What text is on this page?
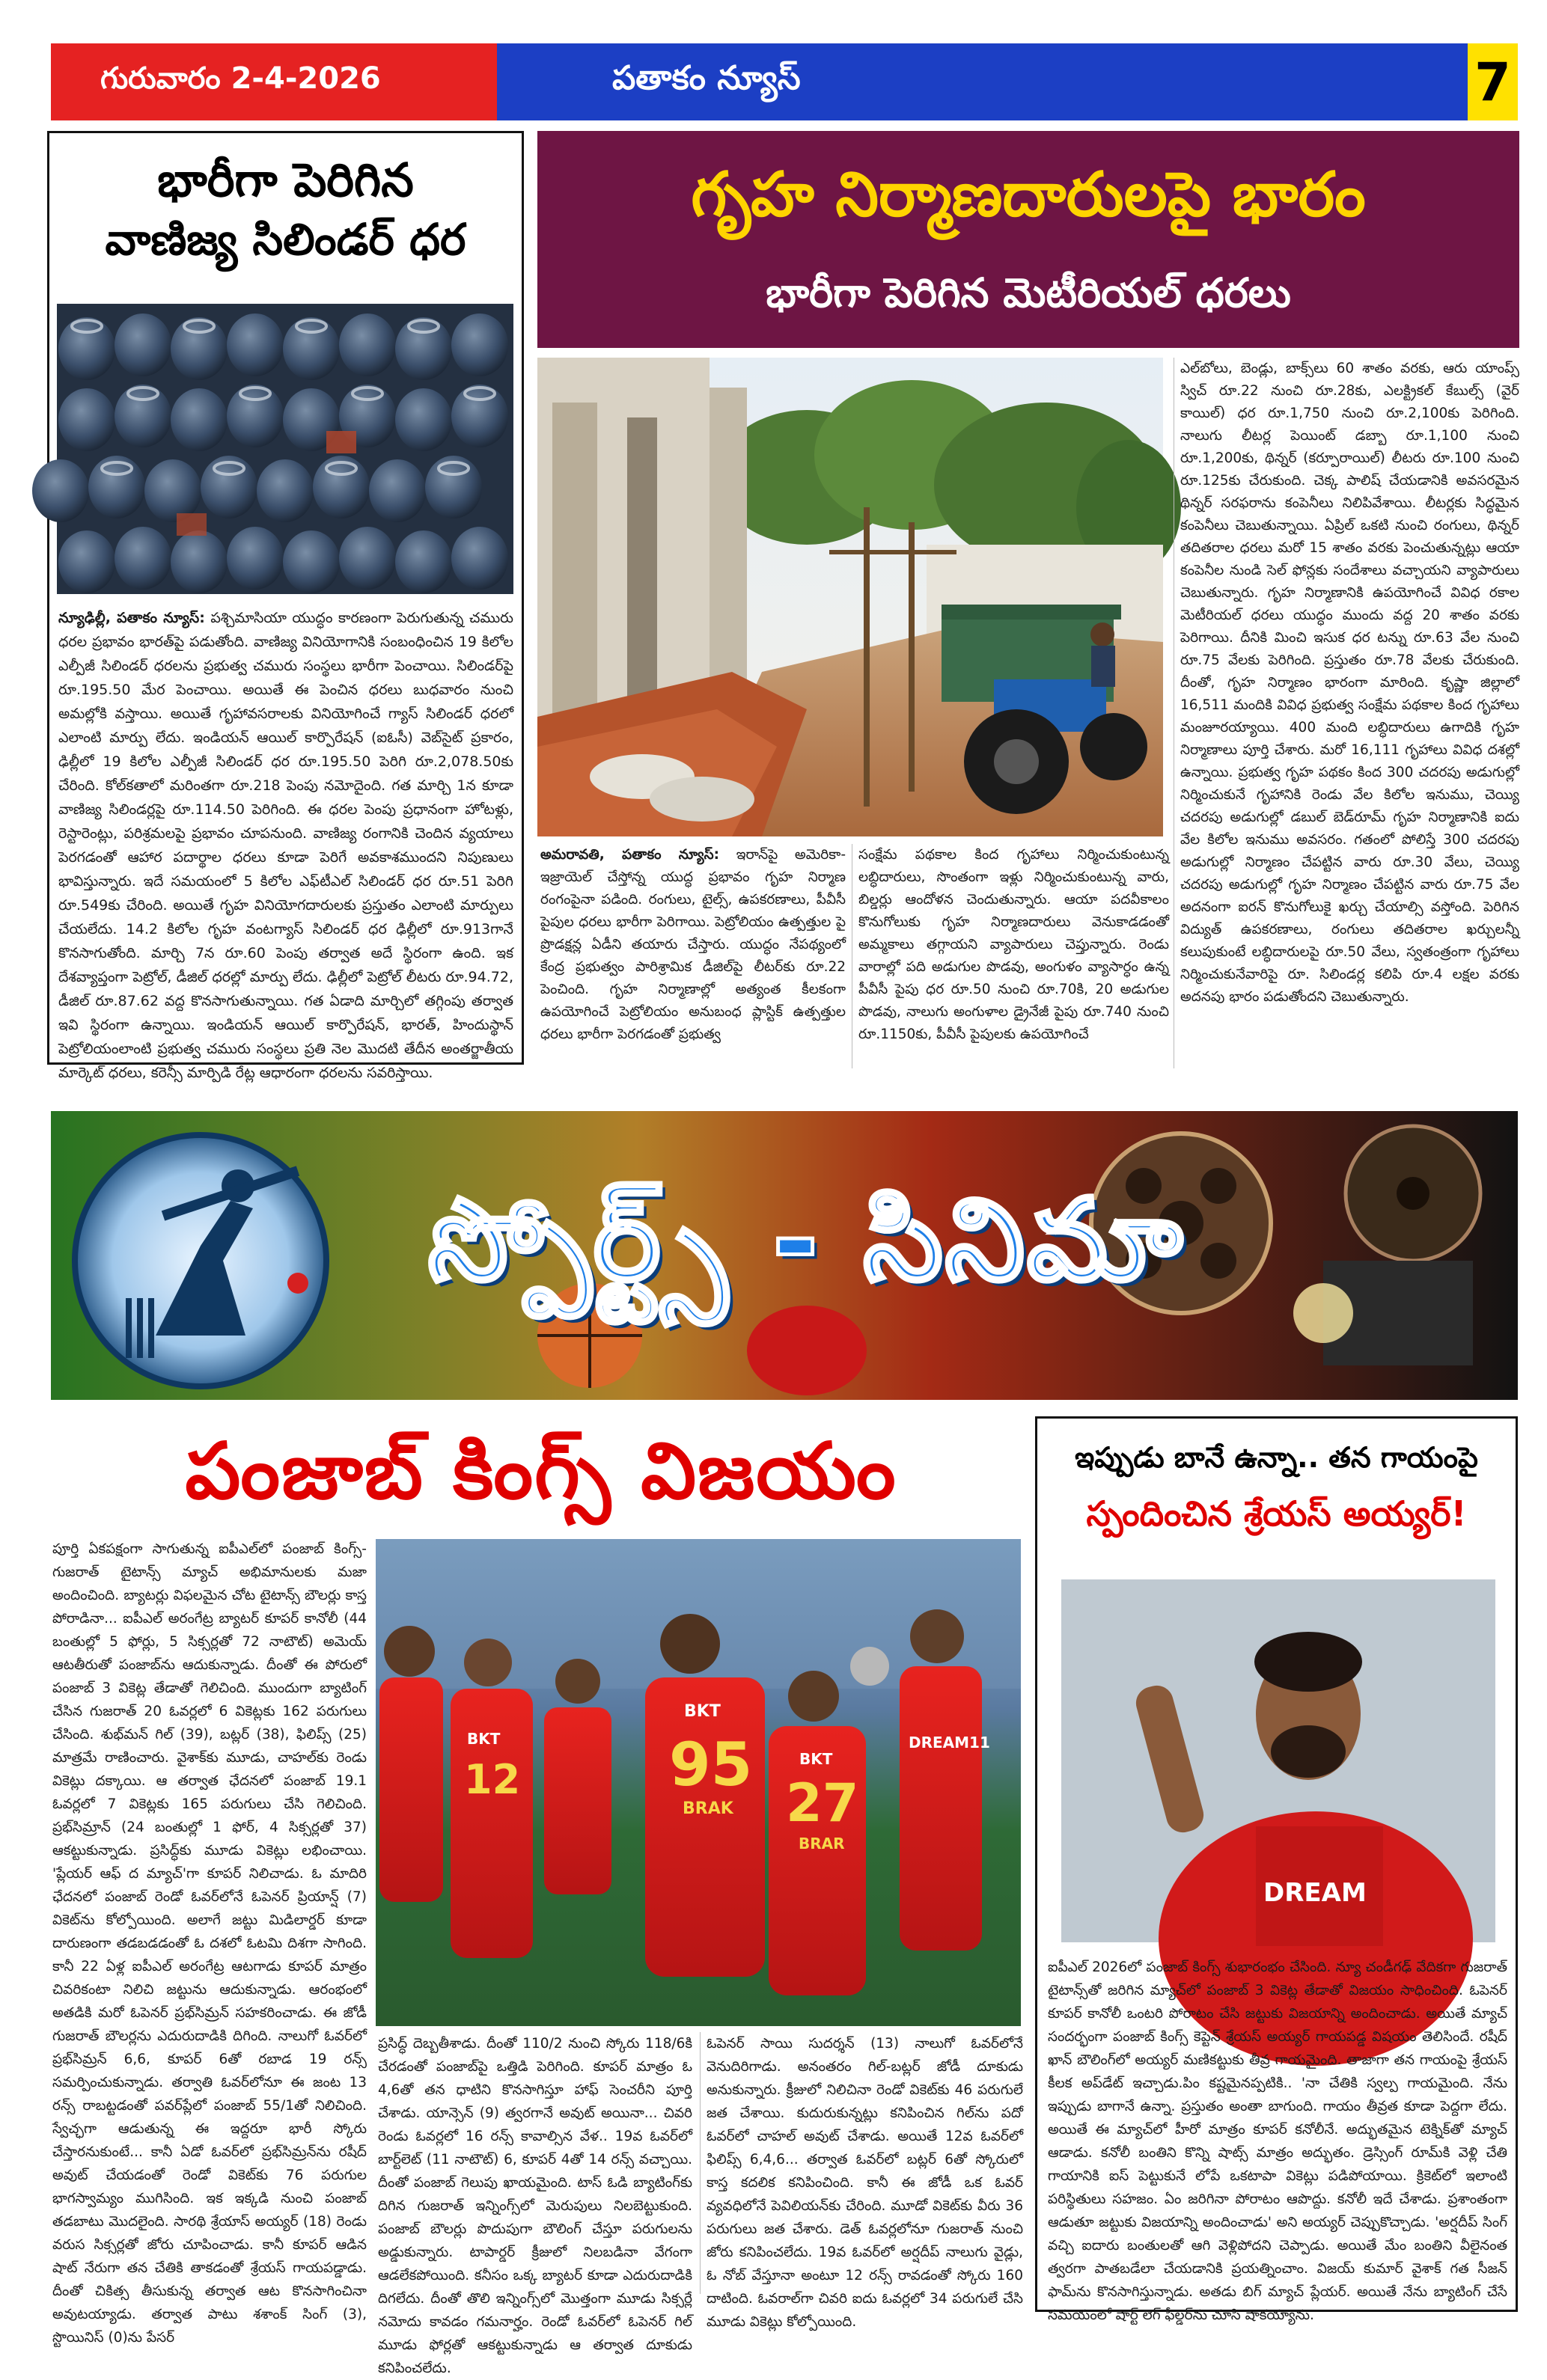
గురువారం 2-4-2026	పతాకం న్యూస్	7
భారీగా పెరిగిన
వాణిజ్య సిలిండర్ ధర
న్యూఢిల్లీ, పతాకం న్యూస్: పశ్చిమాసియా యుద్ధం కారణంగా పెరుగుతున్న చమురు ధరల ప్రభావం భారత్‌పై పడుతోంది. వాణిజ్య వినియోగానికి సంబంధించిన 19 కిలోల ఎల్పీజీ సిలిండర్ ధరలను ప్రభుత్వ చమురు సంస్థలు భారీగా పెంచాయి. సిలిండర్‌పై రూ.195.50 మేర పెంచాయి. అయితే ఈ పెంచిన ధరలు బుధవారం నుంచి అమల్లోకి వస్తాయి. అయితే గృహావసరాలకు వినియోగించే గ్యాస్ సిలిండర్ ధరలో ఎలాంటి మార్పు లేదు. ఇండియన్ ఆయిల్ కార్పొరేషన్ (ఐఓసీ) వెబ్‌సైట్ ప్రకారం, ఢిల్లీలో 19 కిలోల ఎల్పీజీ సిలిండర్ ధర రూ.195.50 పెరిగి రూ.2,078.50కు చేరింది. కోల్‌కతాలో మరింతగా రూ.218 పెంపు నమోదైంది. గత మార్చి 1న కూడా వాణిజ్య సిలిండర్లపై రూ.114.50 పెరిగింది. ఈ ధరల పెంపు ప్రధానంగా హోటళ్లు, రెస్టారెంట్లు, పరిశ్రమలపై ప్రభావం చూపనుంది. వాణిజ్య రంగానికి చెందిన వ్యయాలు పెరగడంతో ఆహార పదార్థాల ధరలు కూడా పెరిగే అవకాశముందని నిపుణులు భావిస్తున్నారు. ఇదే సమయంలో 5 కిలోల ఎఫ్‌టీఎల్ సిలిండర్ ధర రూ.51 పెరిగి రూ.549కు చేరింది. అయితే గృహ వినియోగదారులకు ప్రస్తుతం ఎలాంటి మార్పులు చేయలేదు. 14.2 కిలోల గృహ వంటగ్యాస్ సిలిండర్ ధర ఢిల్లీలో రూ.913గానే కొనసాగుతోంది. మార్చి 7న రూ.60 పెంపు తర్వాత అదే స్థిరంగా ఉంది. ఇక దేశవ్యాప్తంగా పెట్రోల్, డీజిల్ ధరల్లో మార్పు లేదు. ఢిల్లీలో పెట్రోల్ లీటరు రూ.94.72, డీజిల్ రూ.87.62 వద్ద కొనసాగుతున్నాయి. గత ఏడాది మార్చిలో తగ్గింపు తర్వాత ఇవి స్థిరంగా ఉన్నాయి. ఇండియన్ ఆయిల్ కార్పొరేషన్, భారత్, హిందుస్థాన్ పెట్రోలియంలాంటి ప్రభుత్వ చమురు సంస్థలు ప్రతి నెల మొదటి తేదీన అంతర్జాతీయ మార్కెట్ ధరలు, కరెన్సీ మార్పిడి రేట్ల ఆధారంగా ధరలను సవరిస్తాయి.
గృహ నిర్మాణదారులపై భారం
భారీగా పెరిగిన మెటీరియల్ ధరలు
అమరావతి, పతాకం న్యూస్: ఇరాన్‌పై అమెరికా-ఇజ్రాయెల్ చేస్తోన్న యుద్ధ ప్రభావం గృహ నిర్మాణ రంగంపైనా పడింది. రంగులు, టైల్స్, ఉపకరణాలు, పీవీసీ పైపుల ధరలు భారీగా పెరిగాయి. పెట్రోలియం ఉత్పత్తుల పై ప్రొడక్షన్ల ఏడీని తయారు చేస్తారు. యుద్ధం నేపథ్యంలో కేంద్ర ప్రభుత్వం పారిశ్రామిక డీజిల్‌పై లీటర్‌కు రూ.22 పెంచింది. గృహ నిర్మాణాల్లో అత్యంత కీలకంగా ఉపయోగించే పెట్రోలియం అనుబంధ ప్లాస్టిక్ ఉత్పత్తుల ధరలు భారీగా పెరగడంతో ప్రభుత్వ
సంక్షేమ పథకాల కింద గృహాలు నిర్మించుకుంటున్న లబ్ధిదారులు, సొంతంగా ఇళ్లు నిర్మించుకుంటున్న వారు, బిల్డర్లు ఆందోళన చెందుతున్నారు. ఆయా పదవీకాలం కొనుగోలుకు గృహ నిర్మాణదారులు వెనుకాడడంతో అమ్మకాలు తగ్గాయని వ్యాపారులు చెప్తున్నారు. రెండు వారాల్లో పది అడుగుల పొడవు, అంగుళం వ్యాసార్ధం ఉన్న పీవీసీ పైపు ధర రూ.50 నుంచి రూ.70కి, 20 అడుగుల పొడవు, నాలుగు అంగుళాల డ్రైనేజీ పైపు రూ.740 నుంచి రూ.1150కు, పీవీసీ పైపులకు ఉపయోగించే
ఎల్‌బోలు, బెండ్లు, బాక్స్‌లు 60 శాతం వరకు, ఆరు యాంప్స్ స్విచ్ రూ.22 నుంచి రూ.28కు, ఎలక్ట్రికల్ కేబుల్స్ (వైర్ కాయిల్) ధర రూ.1,750 నుంచి రూ.2,100కు పెరిగింది. నాలుగు లీటర్ల పెయింట్ డబ్బా రూ.1,100 నుంచి రూ.1,200కు, థిన్నర్ (కర్పూరాయిల్) లీటరు రూ.100 నుంచి రూ.125కు చేరుకుంది. చెక్క పాలిష్ చేయడానికి అవసరమైన థిన్నర్ సరఫరాను కంపెనీలు నిలిపివేశాయి. లీటర్లకు సిద్ధమైన కంపెనీలు చెబుతున్నాయి. ఏప్రిల్ ఒకటి నుంచి రంగులు, థిన్నర్ తదితరాల ధరలు మరో 15 శాతం వరకు పెంచుతున్నట్లు ఆయా కంపెనీల నుండి సెల్ ఫోన్లకు సందేశాలు వచ్చాయని వ్యాపారులు చెబుతున్నారు. గృహ నిర్మాణానికి ఉపయోగించే వివిధ రకాల మెటీరియల్ ధరలు యుద్ధం ముందు వద్ద 20 శాతం వరకు పెరిగాయి. దీనికి మించి ఇసుక ధర టన్ను రూ.63 వేల నుంచి రూ.75 వేలకు పెరిగింది. ప్రస్తుతం రూ.78 వేలకు చేరుకుంది. దీంతో, గృహ నిర్మాణం భారంగా మారింది. కృష్ణా జిల్లాలో 16,511 మందికి వివిధ ప్రభుత్వ సంక్షేమ పథకాల కింద గృహాలు మంజూరయ్యాయి. 400 మంది లబ్ధిదారులు ఉగాదికి గృహ నిర్మాణాలు పూర్తి చేశారు. మరో 16,111 గృహాలు వివిధ దశల్లో ఉన్నాయి. ప్రభుత్వ గృహ పథకం కింద 300 చదరపు అడుగుల్లో నిర్మించుకునే గృహానికి రెండు వేల కిలోల ఇనుము, చెయ్యి చదరపు అడుగుల్లో డబుల్ బెడ్‌రూమ్ గృహ నిర్మాణానికి ఐదు వేల కిలోల ఇనుము అవసరం. గతంలో పోలిస్తే 300 చదరపు అడుగుల్లో నిర్మాణం చేపట్టిన వారు రూ.30 వేలు, చెయ్యి చదరపు అడుగుల్లో గృహ నిర్మాణం చేపట్టిన వారు రూ.75 వేల అదనంగా ఐరన్ కొనుగోలుకై ఖర్చు చేయాల్సి వస్తోంది. పెరిగిన విద్యుత్ ఉపకరణాలు, రంగులు తదితరాల ఖర్చులన్నీ కలుపుకుంటే లబ్ధిదారులపై రూ.50 వేలు, స్వతంత్రంగా గృహాలు నిర్మించుకునేవారిపై రూ. సిలిండర్ల కలిపి రూ.4 లక్షల వరకు అదనపు భారం పడుతోందని చెబుతున్నారు.
స్పోర్ట్స్ - సినిమా
పంజాబ్ కింగ్స్ విజయం
పూర్తి ఏకపక్షంగా సాగుతున్న ఐపీఎల్‌లో పంజాబ్ కింగ్స్-గుజరాత్ టైటాన్స్ మ్యాచ్ అభిమానులకు మజా అందించింది. బ్యాటర్లు విఫలమైన చోట టైటాన్స్ బౌలర్లు కాస్త పోరాడినా... ఐపీఎల్ అరంగేట్ర బ్యాటర్ కూపర్ కానోలీ (44 బంతుల్లో 5 ఫోర్లు, 5 సిక్సర్లతో 72 నాటౌట్) అమెయ్ ఆటతీరుతో పంజాబ్‌ను ఆదుకున్నాడు. దీంతో ఈ పోరులో పంజాబ్ 3 వికెట్ల తేడాతో గెలిచింది. ముందుగా బ్యాటింగ్ చేసిన గుజరాత్ 20 ఓవర్లలో 6 వికెట్లకు 162 పరుగులు చేసింది. శుభ్‌మన్ గిల్ (39), బట్లర్ (38), ఫిలిప్స్ (25) మాత్రమే రాణించారు. వైశాక్‌కు మూడు, చాహల్‌కు రెండు వికెట్లు దక్కాయి. ఆ తర్వాత ఛేదనలో పంజాబ్ 19.1 ఓవర్లలో 7 వికెట్లకు 165 పరుగులు చేసి గెలిచింది. ప్రభ్‌సిమ్రాన్ (24 బంతుల్లో 1 ఫోర్, 4 సిక్సర్లతో 37) ఆకట్టుకున్నాడు. ప్రసిద్ధ్‌కు మూడు వికెట్లు లభించాయి. 'ప్లేయర్ ఆఫ్ ద మ్యాచ్'గా కూపర్ నిలిచాడు. ఓ మాదిరి ఛేదనలో పంజాబ్ రెండో ఓవర్‌లోనే ఓపెనర్ ప్రియాన్ష్ (7) వికెట్‌ను కోల్పోయింది. అలాగే జట్టు మిడిలార్డర్ కూడా దారుణంగా తడబడడంతో ఓ దశలో ఓటమి దిశగా సాగింది. కానీ 22 ఏళ్ల ఐపీఎల్ అరంగేట్ర ఆటగాడు కూపర్ మాత్రం చివరికంటా నిలిచి జట్టును ఆదుకున్నాడు. ఆరంభంలో అతడికి మరో ఓపెనర్ ప్రభ్‌సిమ్రన్ సహకరించాడు. ఈ జోడీ గుజరాత్ బౌలర్లను ఎదురుదాడికి దిగింది. నాలుగో ఓవర్‌లో ప్రభ్‌సిమ్రన్ 6,6, కూపర్ 6తో రబాడ 19 రన్స్ సమర్పించుకున్నాడు. తర్వాతి ఓవర్‌లోనూ ఈ జంట 13 రన్స్ రాబట్టడంతో పవర్‌ప్లేలో పంజాబ్ 55/1తో నిలిచింది. స్వేచ్ఛగా ఆడుతున్న ఈ ఇద్దరూ భారీ స్కోరు చేస్తారనుకుంటే... కానీ ఏడో ఓవర్‌లో ప్రభ్‌సిమ్రన్‌ను రషీద్ అవుట్ చేయడంతో రెండో వికెట్‌కు 76 పరుగుల భాగస్వామ్యం ముగిసింది. ఇక ఇక్కడి నుంచి పంజాబ్ తడబాటు మొదలైంది. సారథి శ్రేయాస్ అయ్యర్ (18) రెండు వరుస సిక్సర్లతో జోరు చూపించాడు. కానీ కూపర్ ఆడిన షాట్ నేరుగా తన చేతికి తాకడంతో శ్రేయస్ గాయపడ్డాడు. దీంతో చికిత్స తీసుకున్న తర్వాత ఆట కొనసాగించినా అవుటయ్యాడు. తర్వాత పాటు శశాంక్ సింగ్ (3), స్టొయినిస్ (0)ను పేసర్
BKT
12
BKT
95
BRAK
BKT
27
BRAR
DREAM11
ప్రసిద్ధ్ దెబ్బతీశాడు. దీంతో 110/2 నుంచి స్కోరు 118/6కి చేరడంతో పంజాబ్‌పై ఒత్తిడి పెరిగింది. కూపర్ మాత్రం ఓ 4,6తో తన ధాటిని కొనసాగిస్తూ హాఫ్ సెంచరీని పూర్తి చేశాడు. యాన్సెన్ (9) త్వరగానే అవుట్ అయినా... చివరి రెండు ఓవర్లలో 16 రన్స్ కావాల్సిన వేళ.. 19వ ఓవర్‌లో బార్ట్‌లెట్ (11 నాటౌట్) 6, కూపర్ 4తో 14 రన్స్ వచ్చాయి. దీంతో పంజాబ్ గెలుపు ఖాయమైంది. టాస్ ఓడి బ్యాటింగ్‌కు దిగిన గుజరాత్ ఇన్నింగ్స్‌లో మెరుపులు నిలబెట్టుకుంది. పంజాబ్ బౌలర్లు పొదుపుగా బౌలింగ్ చేస్తూ పరుగులను అడ్డుకున్నారు. టాపార్డర్ క్రీజులో నిలబడినా వేగంగా ఆడలేకపోయింది. కనీసం ఒక్క బ్యాటర్ కూడా ఎదురుదాడికి దిగలేదు. దీంతో తొలి ఇన్నింగ్స్‌లో మొత్తంగా మూడు సిక్సర్లే నమోదు కావడం గమనార్హం. రెండో ఓవర్‌లో ఓపెనర్ గిల్ మూడు ఫోర్లతో ఆకట్టుకున్నాడు ఆ తర్వాత దూకుడు కనిపించలేదు.
ఓపెనర్ సాయి సుదర్శన్ (13) నాలుగో ఓవర్‌లోనే వెనుదిరిగాడు. అనంతరం గిల్-బట్లర్ జోడీ దూకుడు అనుకున్నారు. క్రీజులో నిలిచినా రెండో వికెట్‌కు 46 పరుగులే జత చేశాయి. కుదురుకున్నట్లు కనిపించిన గిల్‌ను పదో ఓవర్‌లో చాహల్ అవుట్ చేశాడు. అయితే 12వ ఓవర్‌లో ఫిలిప్స్ 6,4,6... తర్వాత ఓవర్‌లో బట్లర్ 6తో స్కోరులో కాస్త కదలిక కనిపించింది. కానీ ఈ జోడీ ఒక ఓవర్ వ్యవధిలోనే పెవిలియన్‌కు చేరింది. మూడో వికెట్‌కు వీరు 36 పరుగులు జత చేశారు. డెత్ ఓవర్లలోనూ గుజరాత్ నుంచి జోరు కనిపించలేదు. 19వ ఓవర్‌లో అర్షదీప్ నాలుగు వైడ్లు, ఓ నోబ్ వేస్తూనా అంటూ 12 రన్స్ రావడంతో స్కోరు 160 దాటింది. ఓవరాల్‌గా చివరి ఐదు ఓవర్లలో 34 పరుగులే చేసి మూడు వికెట్లు కోల్పోయింది.
ఇప్పుడు బానే ఉన్నా.. తన గాయంపై
స్పందించిన శ్రేయస్ అయ్యర్!
DREAM
ఐపీఎల్ 2026లో పంజాబ్ కింగ్స్ శుభారంభం చేసింది. న్యూ చండీగఢ్ వేదికగా గుజరాత్ టైటాన్స్‌తో జరిగిన మ్యాచ్‌లో పంజాబ్ 3 వికెట్ల తేడాతో విజయం సాధించింది. ఓపెనర్ కూపర్ కానోలీ ఒంటరి పోరాటం చేసి జట్టుకు విజయాన్ని అందించాడు. అయితే మ్యాచ్ సందర్భంగా పంజాబ్ కింగ్స్ కెప్టెన్ శ్రేయస్ అయ్యర్ గాయపడ్డ విషయం తెలిసిందే. రషీద్ ఖాన్ బౌలింగ్‌లో అయ్యర్ మణికట్టుకు తీవ్ర గాయమైంది. తాజాగా తన గాయంపై శ్రేయస్ కీలక అప్‌డేట్ ఇచ్చాడు.పిం కష్టమైనప్పటికి.. 'నా చేతికి స్వల్ప గాయమైంది. నేను ఇప్పుడు బాగానే ఉన్నా. ప్రస్తుతం అంతా బాగుంది. గాయం తీవ్రత కూడా పెద్దగా లేదు. అయితే ఈ మ్యాచ్‌లో హీరో మాత్రం కూపర్ కనోలీనే. అద్భుతమైన టెక్నిక్‌తో మ్యాచ్ ఆడాడు. కనోలీ బంతిని కొన్ని షాట్స్ మాత్రం అద్భుతం. డ్రెస్సింగ్ రూమ్‌కి వెళ్లి చేతి గాయానికి ఐస్ పెట్టుకునే లోపే ఒకటాపా వికెట్లు పడిపోయాయి. క్రికెట్‌లో ఇలాంటి పరిస్థితులు సహజం. ఏం జరిగినా పోరాటం ఆపొద్దు. కనోలీ ఇదే చేశాడు. ప్రశాంతంగా ఆడుతూ జట్టుకు విజయాన్ని అందించాడు' అని అయ్యర్ చెప్పుకొచ్చాడు. 'అర్షదీప్ సింగ్ వచ్చి ఐదారు బంతులతో ఆగి వెళ్లిపోదని చెప్పాడు. అయితే మేం బంతిని వీలైనంత త్వరగా పాతబడేలా చేయడానికి ప్రయత్నించాం. విజయ్ కుమార్ వైశాక్ గత సీజన్ ఫామ్‌ను కొనసాగిస్తున్నాడు. అతడు బిగ్ మ్యాచ్ ప్లేయర్. అయితే నేను బ్యాటింగ్ చేసే సమయంలో షార్ట్ లెగ్ ఫీల్డర్‌ను చూసి షాకయ్యాను.
